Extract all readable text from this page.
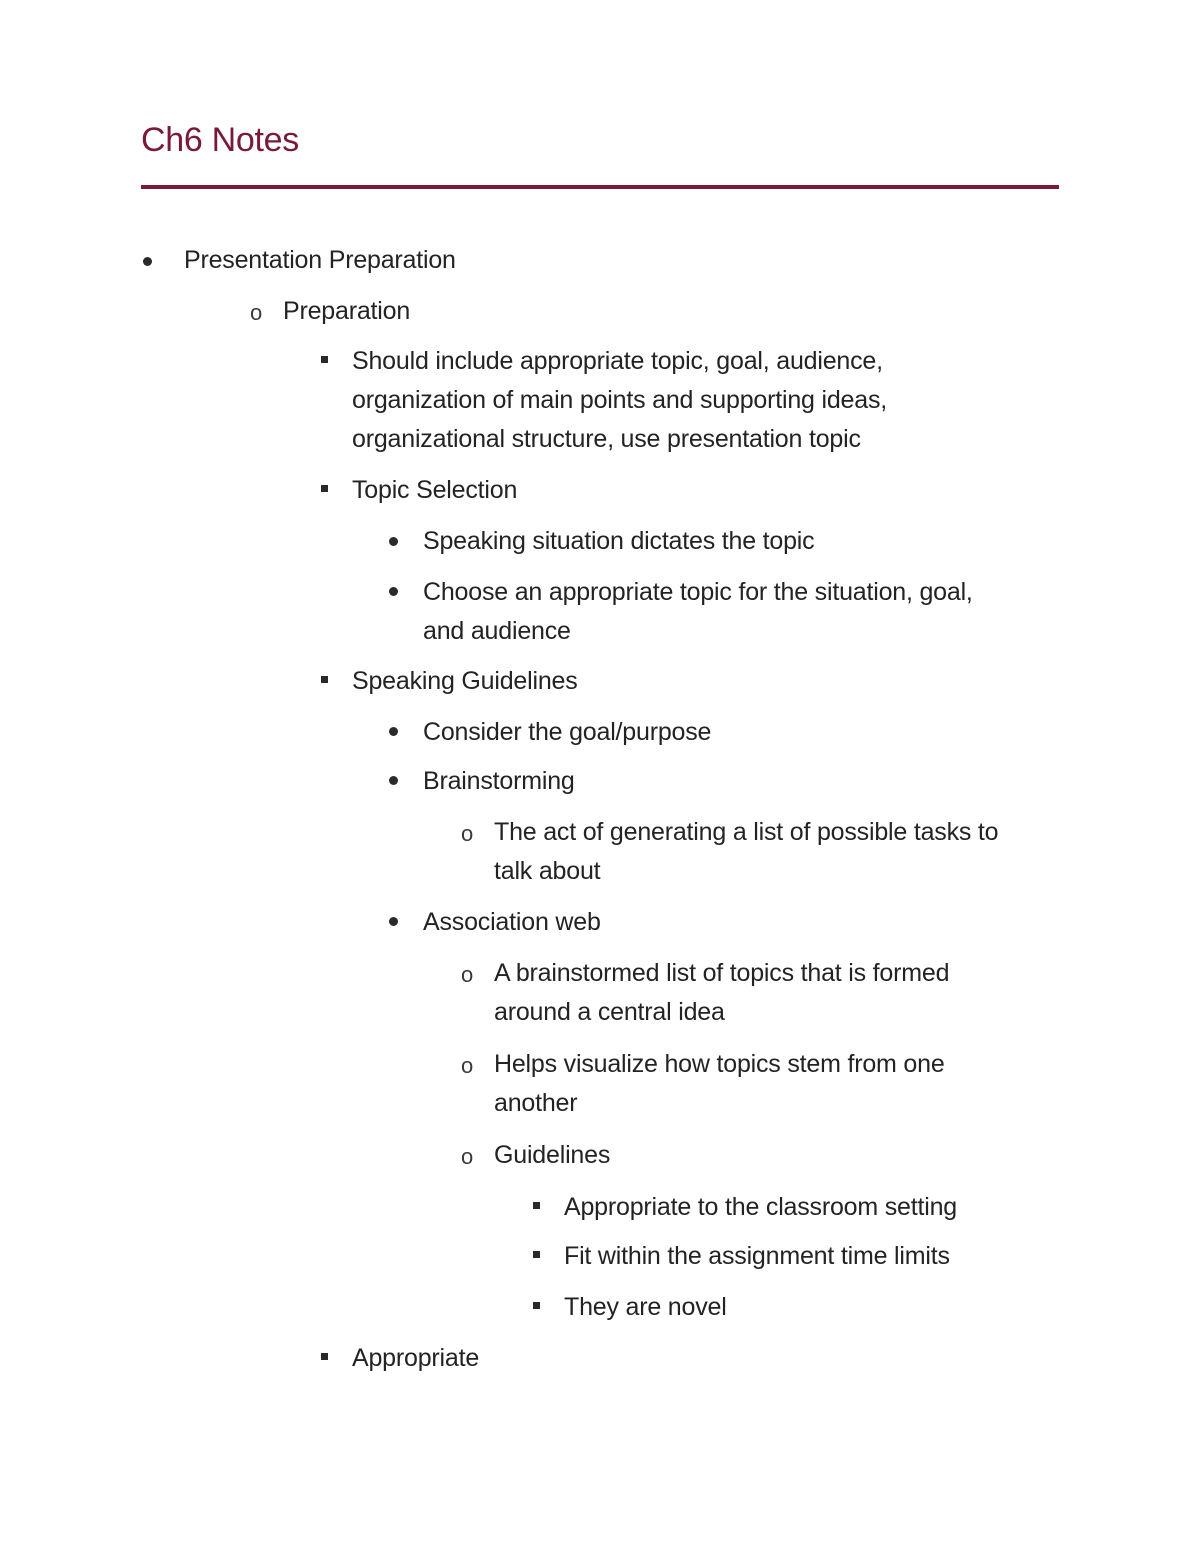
Ch6 Notes
Presentation Preparation
o
Preparation
Should include appropriate topic, goal, audience,
organization of main points and supporting ideas,
organizational structure, use presentation topic
Topic Selection
Speaking situation dictates the topic
Choose an appropriate topic for the situation, goal,
and audience
Speaking Guidelines
Consider the goal/purpose
Brainstorming
o
The act of generating a list of possible tasks to
talk about
Association web
o
A brainstormed list of topics that is formed
around a central idea
o
Helps visualize how topics stem from one
another
o
Guidelines
Appropriate to the classroom setting
Fit within the assignment time limits
They are novel
Appropriate
